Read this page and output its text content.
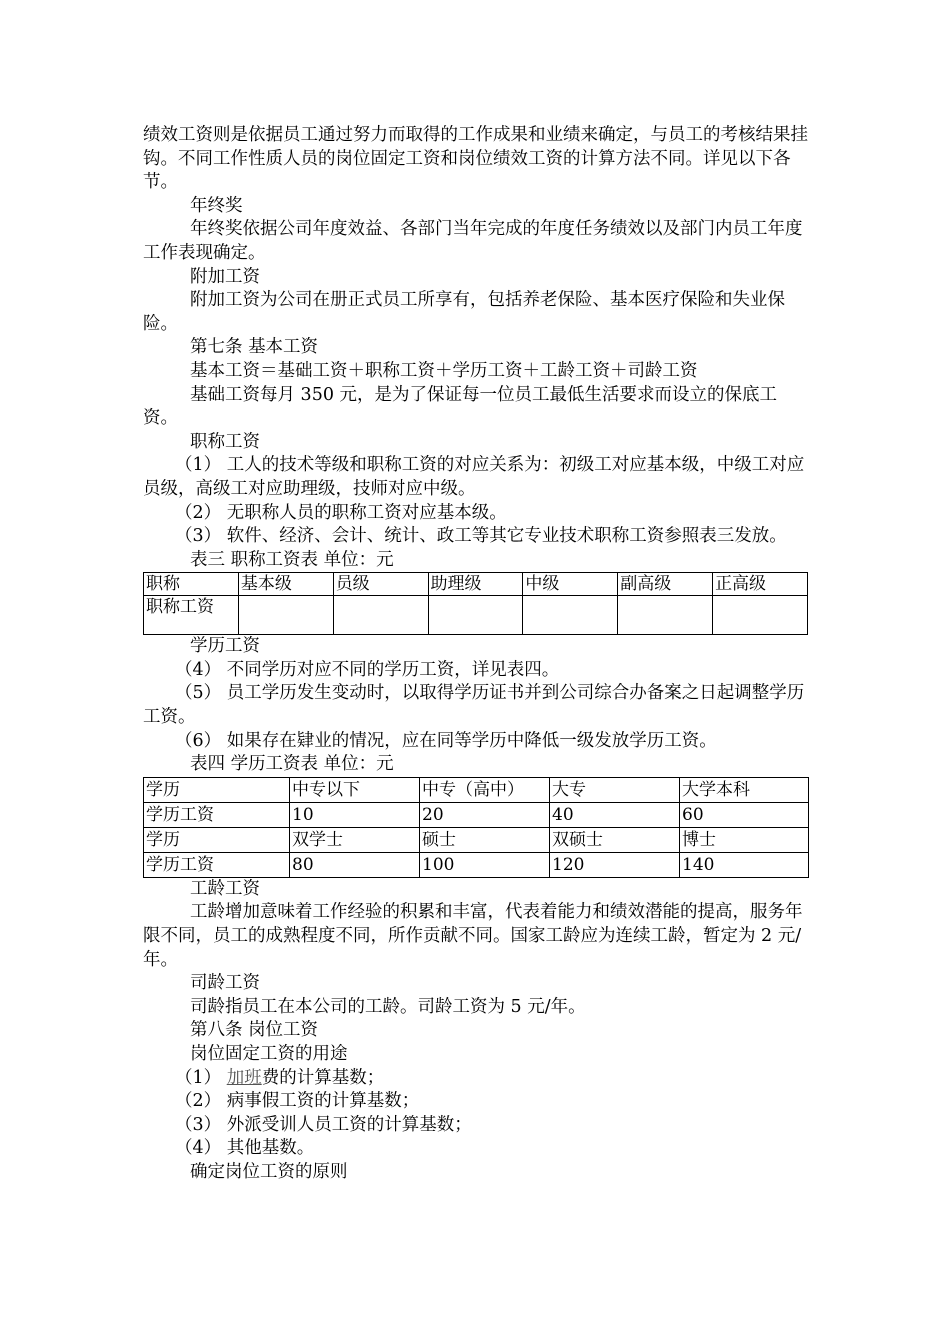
绩效工资则是依据员工通过努力而取得的工作成果和业绩来确定，与员工的考核结果挂钩。不同工作性质人员的岗位固定工资和岗位绩效工资的计算方法不同。详见以下各节。

年终奖

年终奖依据公司年度效益、各部门当年完成的年度任务绩效以及部门内员工年度工作表现确定。

附加工资

附加工资为公司在册正式员工所享有，包括养老保险、基本医疗保险和失业保险。

第七条 基本工资

基本工资＝基础工资＋职称工资＋学历工资＋工龄工资＋司龄工资

基础工资每月 350 元，是为了保证每一位员工最低生活要求而设立的保底工资。

职称工资

（1） 工人的技术等级和职称工资的对应关系为：初级工对应基本级，中级工对应员级，高级工对应助理级，技师对应中级。

（2） 无职称人员的职称工资对应基本级。

（3） 软件、经济、会计、统计、政工等其它专业技术职称工资参照表三发放。

表三 职称工资表 单位：元

职称	基本级	员级	助理级	中级	副高级	正高级
职称工资						

学历工资

（4） 不同学历对应不同的学历工资，详见表四。

（5） 员工学历发生变动时，以取得学历证书并到公司综合办备案之日起调整学历工资。

（6） 如果存在肄业的情况，应在同等学历中降低一级发放学历工资。

表四 学历工资表 单位：元

学历	中专以下	中专（高中）	大专	大学本科
学历工资	10	20	40	60
学历	双学士	硕士	双硕士	博士
学历工资	80	100	120	140

工龄工资

工龄增加意味着工作经验的积累和丰富，代表着能力和绩效潜能的提高，服务年限不同，员工的成熟程度不同，所作贡献不同。国家工龄应为连续工龄，暂定为 2 元/年。

司龄工资

司龄指员工在本公司的工龄。司龄工资为 5 元/年。

第八条 岗位工资

岗位固定工资的用途

（1） 加班费的计算基数；

（2） 病事假工资的计算基数；

（3） 外派受训人员工资的计算基数；

（4） 其他基数。

确定岗位工资的原则
